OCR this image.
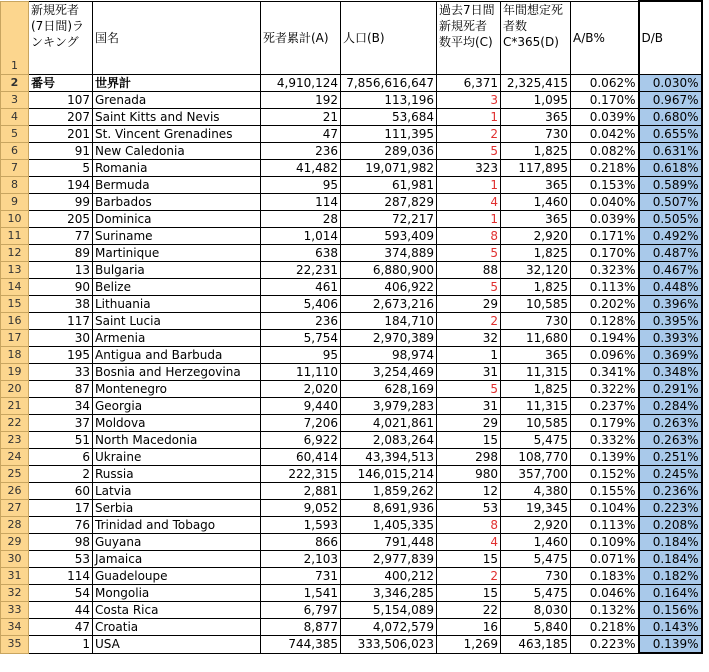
1	新規死者(7日間)ランキング	国名	死者累計(A)	人口(B)	過去7日間新規死者数平均(C)	年間想定死者数C*365(D)	A/B%	D/B
2	番号	世界計	4,910,124	7,856,616,647	6,371	2,325,415	0.062%	0.030%
3	107	Grenada	192	113,196	3	1,095	0.170%	0.967%
4	207	Saint Kitts and Nevis	21	53,684	1	365	0.039%	0.680%
5	201	St. Vincent Grenadines	47	111,395	2	730	0.042%	0.655%
6	91	New Caledonia	236	289,036	5	1,825	0.082%	0.631%
7	5	Romania	41,482	19,071,982	323	117,895	0.218%	0.618%
8	194	Bermuda	95	61,981	1	365	0.153%	0.589%
9	99	Barbados	114	287,829	4	1,460	0.040%	0.507%
10	205	Dominica	28	72,217	1	365	0.039%	0.505%
11	77	Suriname	1,014	593,409	8	2,920	0.171%	0.492%
12	89	Martinique	638	374,889	5	1,825	0.170%	0.487%
13	13	Bulgaria	22,231	6,880,900	88	32,120	0.323%	0.467%
14	90	Belize	461	406,922	5	1,825	0.113%	0.448%
15	38	Lithuania	5,406	2,673,216	29	10,585	0.202%	0.396%
16	117	Saint Lucia	236	184,710	2	730	0.128%	0.395%
17	30	Armenia	5,754	2,970,389	32	11,680	0.194%	0.393%
18	195	Antigua and Barbuda	95	98,974	1	365	0.096%	0.369%
19	33	Bosnia and Herzegovina	11,110	3,254,469	31	11,315	0.341%	0.348%
20	87	Montenegro	2,020	628,169	5	1,825	0.322%	0.291%
21	34	Georgia	9,440	3,979,283	31	11,315	0.237%	0.284%
22	37	Moldova	7,206	4,021,861	29	10,585	0.179%	0.263%
23	51	North Macedonia	6,922	2,083,264	15	5,475	0.332%	0.263%
24	6	Ukraine	60,414	43,394,513	298	108,770	0.139%	0.251%
25	2	Russia	222,315	146,015,214	980	357,700	0.152%	0.245%
26	60	Latvia	2,881	1,859,262	12	4,380	0.155%	0.236%
27	17	Serbia	9,052	8,691,936	53	19,345	0.104%	0.223%
28	76	Trinidad and Tobago	1,593	1,405,335	8	2,920	0.113%	0.208%
29	98	Guyana	866	791,448	4	1,460	0.109%	0.184%
30	53	Jamaica	2,103	2,977,839	15	5,475	0.071%	0.184%
31	114	Guadeloupe	731	400,212	2	730	0.183%	0.182%
32	54	Mongolia	1,541	3,346,285	15	5,475	0.046%	0.164%
33	44	Costa Rica	6,797	5,154,089	22	8,030	0.132%	0.156%
34	47	Croatia	8,877	4,072,579	16	5,840	0.218%	0.143%
35	1	USA	744,385	333,506,023	1,269	463,185	0.223%	0.139%
